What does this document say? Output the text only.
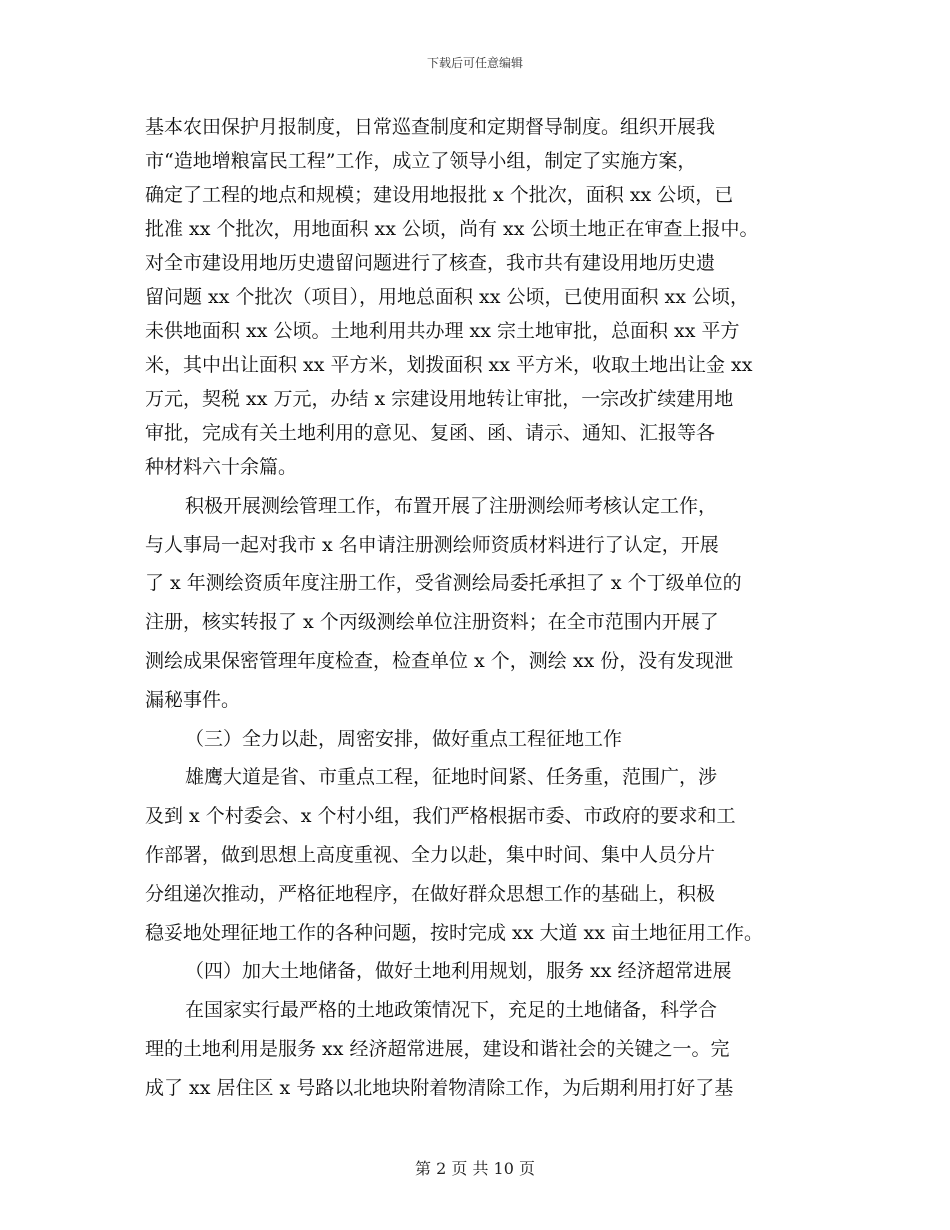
下载后可任意编辑
基本农田保护月报制度，日常巡查制度和定期督导制度。组织开展我
市“造地增粮富民工程”工作，成立了领导小组，制定了实施方案，
确定了工程的地点和规模；建设用地报批 x 个批次，面积 xx 公顷，已
批准 xx 个批次，用地面积 xx 公顷，尚有 xx 公顷土地正在审查上报中。
对全市建设用地历史遗留问题进行了核查，我市共有建设用地历史遗
留问题 xx 个批次（项目），用地总面积 xx 公顷，已使用面积 xx 公顷，
未供地面积 xx 公顷。土地利用共办理 xx 宗土地审批，总面积 xx 平方
米，其中出让面积 xx 平方米，划拨面积 xx 平方米，收取土地出让金 xx
万元，契税 xx 万元，办结 x 宗建设用地转让审批，一宗改扩续建用地
审批，完成有关土地利用的意见、复函、函、请示、通知、汇报等各
种材料六十余篇。
积极开展测绘管理工作，布置开展了注册测绘师考核认定工作，
与人事局一起对我市 x 名申请注册测绘师资质材料进行了认定，开展
了 x 年测绘资质年度注册工作，受省测绘局委托承担了 x 个丁级单位的
注册，核实转报了 x 个丙级测绘单位注册资料；在全市范围内开展了
测绘成果保密管理年度检查，检查单位 x 个，测绘 xx 份，没有发现泄
漏秘事件。
（三）全力以赴，周密安排，做好重点工程征地工作
雄鹰大道是省、市重点工程，征地时间紧、任务重，范围广，涉
及到 x 个村委会、x 个村小组，我们严格根据市委、市政府的要求和工
作部署，做到思想上高度重视、全力以赴，集中时间、集中人员分片
分组递次推动，严格征地程序，在做好群众思想工作的基础上，积极
稳妥地处理征地工作的各种问题，按时完成 xx 大道 xx 亩土地征用工作。
（四）加大土地储备，做好土地利用规划，服务 xx 经济超常进展
在国家实行最严格的土地政策情况下，充足的土地储备，科学合
理的土地利用是服务 xx 经济超常进展，建设和谐社会的关键之一。完
成了 xx 居住区 x 号路以北地块附着物清除工作，为后期利用打好了基
第 2 页 共 10 页
